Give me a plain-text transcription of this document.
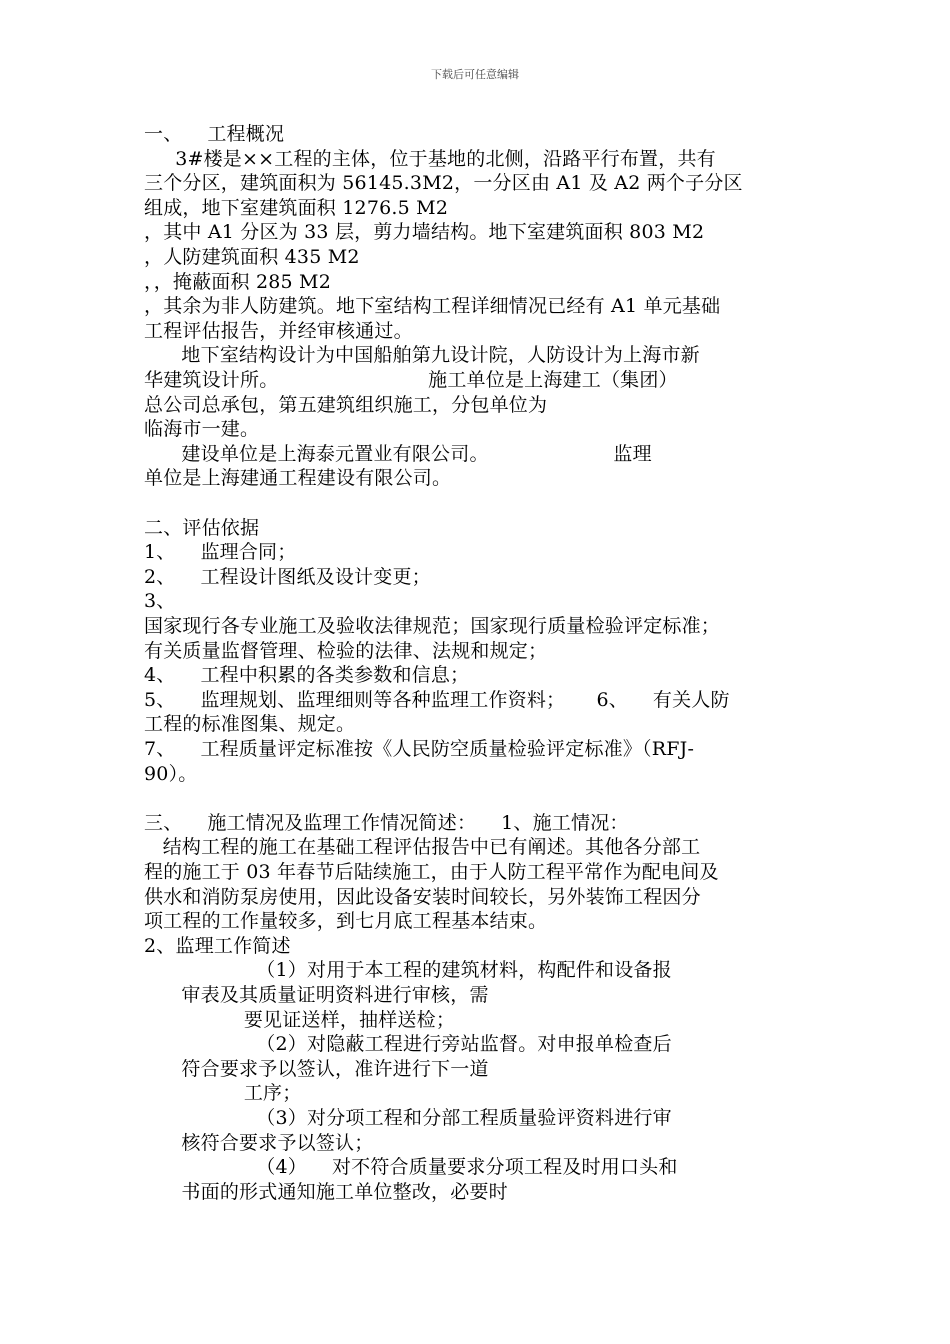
下载后可任意编辑
一、    工程概况
3#楼是××工程的主体，位于基地的北侧，沿路平行布置，共有
三个分区，建筑面积为 56145.3M2，一分区由 A1 及 A2 两个子分区
组成，地下室建筑面积 1276.5 M2
，其中 A1 分区为 33 层，剪力墙结构。地下室建筑面积 803 M2
，人防建筑面积 435 M2
，，掩蔽面积 285 M2
，其余为非人防建筑。地下室结构工程详细情况已经有 A1 单元基础
工程评估报告，并经审核通过。
地下室结构设计为中国船舶第九设计院，人防设计为上海市新
华建筑设计所。                        施工单位是上海建工（集团）
总公司总承包，第五建筑组织施工，分包单位为
临海市一建。
建设单位是上海泰元置业有限公司。                    监理
单位是上海建通工程建设有限公司。
二、评估依据
1、    监理合同；
2、    工程设计图纸及设计变更；
3、
国家现行各专业施工及验收法律规范；国家现行质量检验评定标准；
有关质量监督管理、检验的法律、法规和规定；
4、    工程中积累的各类参数和信息；
5、    监理规划、监理细则等各种监理工作资料；     6、    有关人防
工程的标准图集、规定。
7、    工程质量评定标准按《人民防空质量检验评定标准》（RFJ-
90）。
三、    施工情况及监理工作情况简述：    1、施工情况：
结构工程的施工在基础工程评估报告中已有阐述。其他各分部工
程的施工于 03 年春节后陆续施工，由于人防工程平常作为配电间及
供水和消防泵房使用，因此设备安装时间较长，另外装饰工程因分
项工程的工作量较多，到七月底工程基本结束。
2、监理工作简述
（1）对用于本工程的建筑材料，构配件和设备报
审表及其质量证明资料进行审核，需
要见证送样，抽样送检；
（2）对隐蔽工程进行旁站监督。对申报单检查后
符合要求予以签认，准许进行下一道
工序；
（3）对分项工程和分部工程质量验评资料进行审
核符合要求予以签认；
（4）    对不符合质量要求分项工程及时用口头和
书面的形式通知施工单位整改，必要时
